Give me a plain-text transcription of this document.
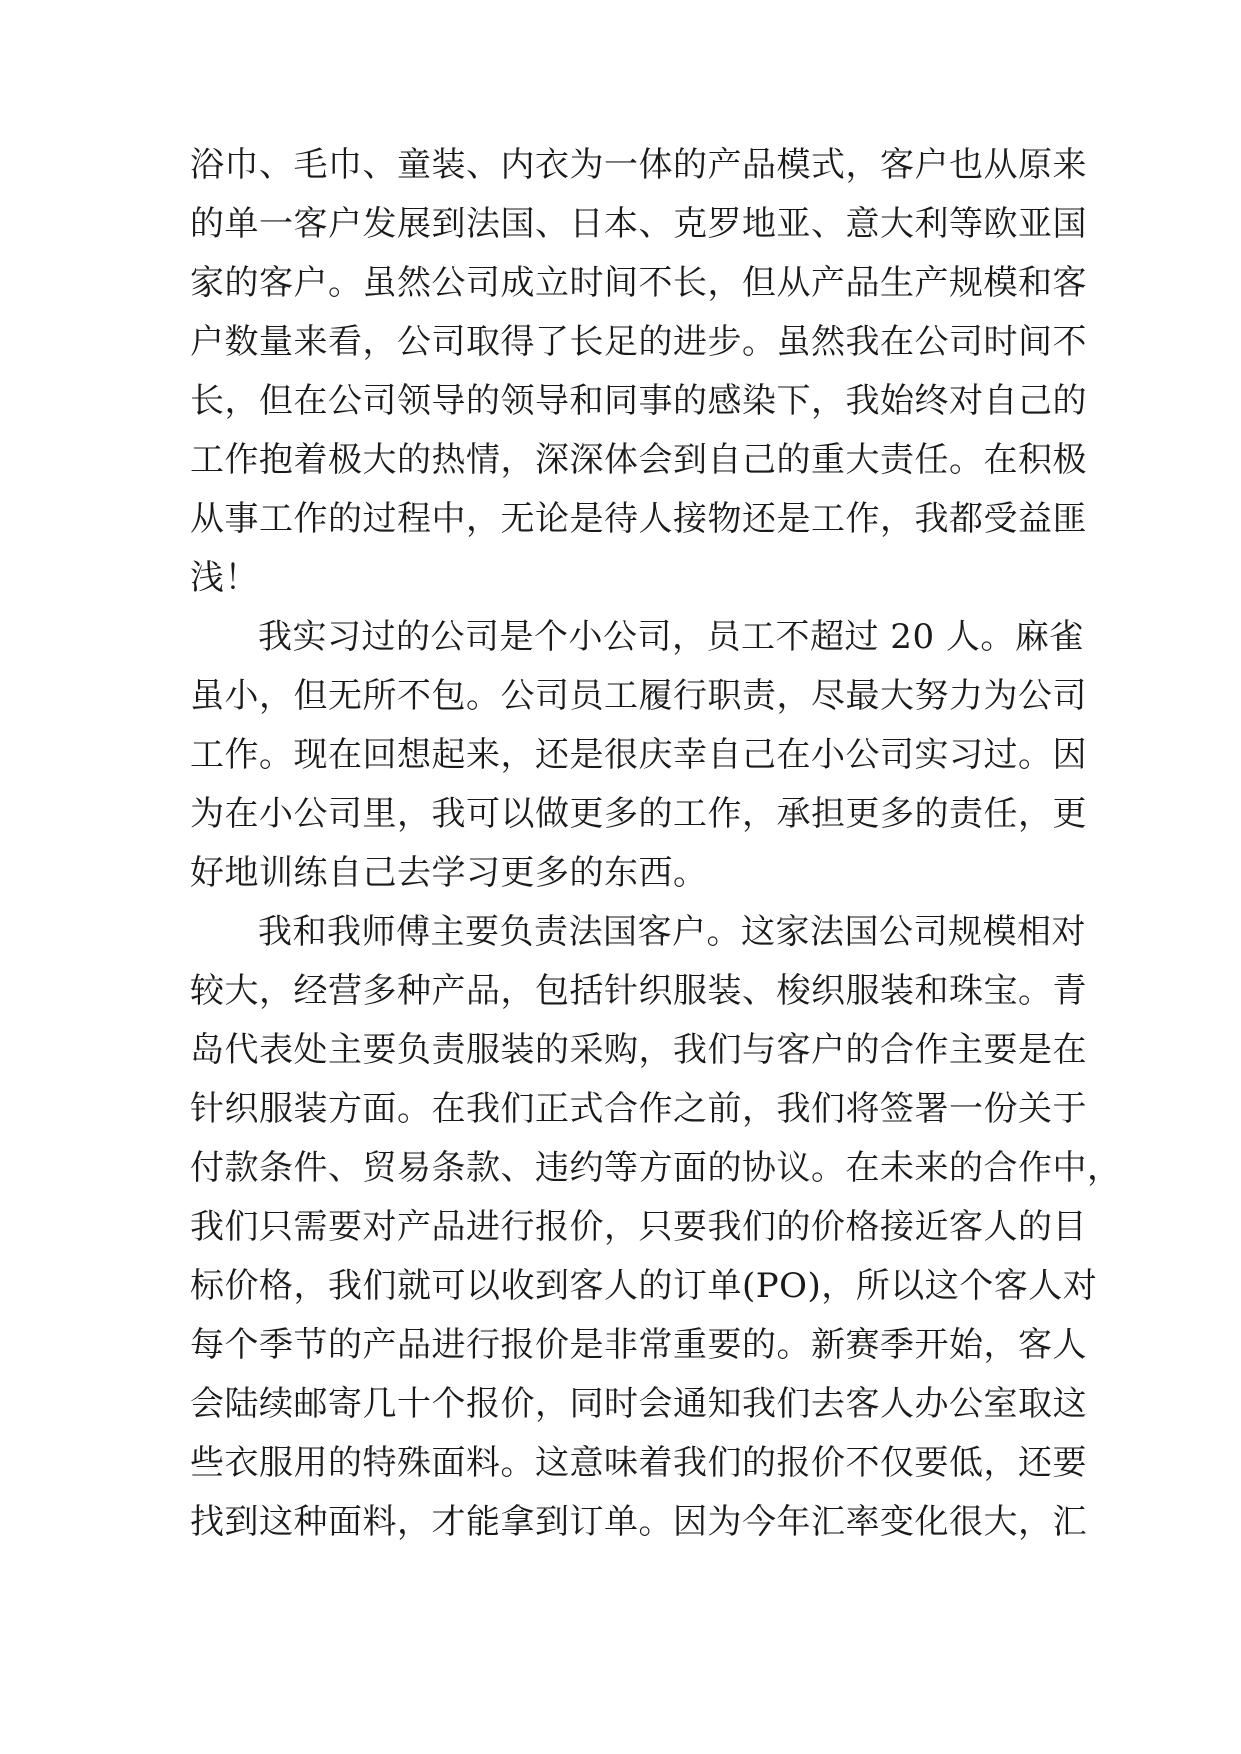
浴巾、毛巾、童装、内衣为一体的产品模式，客户也从原来
的单一客户发展到法国、日本、克罗地亚、意大利等欧亚国
家的客户。虽然公司成立时间不长，但从产品生产规模和客
户数量来看，公司取得了长足的进步。虽然我在公司时间不
长，但在公司领导的领导和同事的感染下，我始终对自己的
工作抱着极大的热情，深深体会到自己的重大责任。在积极
从事工作的过程中，无论是待人接物还是工作，我都受益匪
浅！
我实习过的公司是个小公司，员工不超过 20 人。麻雀
虽小，但无所不包。公司员工履行职责，尽最大努力为公司
工作。现在回想起来，还是很庆幸自己在小公司实习过。因
为在小公司里，我可以做更多的工作，承担更多的责任，更
好地训练自己去学习更多的东西。
我和我师傅主要负责法国客户。这家法国公司规模相对
较大，经营多种产品，包括针织服装、梭织服装和珠宝。青
岛代表处主要负责服装的采购，我们与客户的合作主要是在
针织服装方面。在我们正式合作之前，我们将签署一份关于
付款条件、贸易条款、违约等方面的协议。在未来的合作中，
我们只需要对产品进行报价，只要我们的价格接近客人的目
标价格，我们就可以收到客人的订单(PO)，所以这个客人对
每个季节的产品进行报价是非常重要的。新赛季开始，客人
会陆续邮寄几十个报价，同时会通知我们去客人办公室取这
些衣服用的特殊面料。这意味着我们的报价不仅要低，还要
找到这种面料，才能拿到订单。因为今年汇率变化很大，汇
